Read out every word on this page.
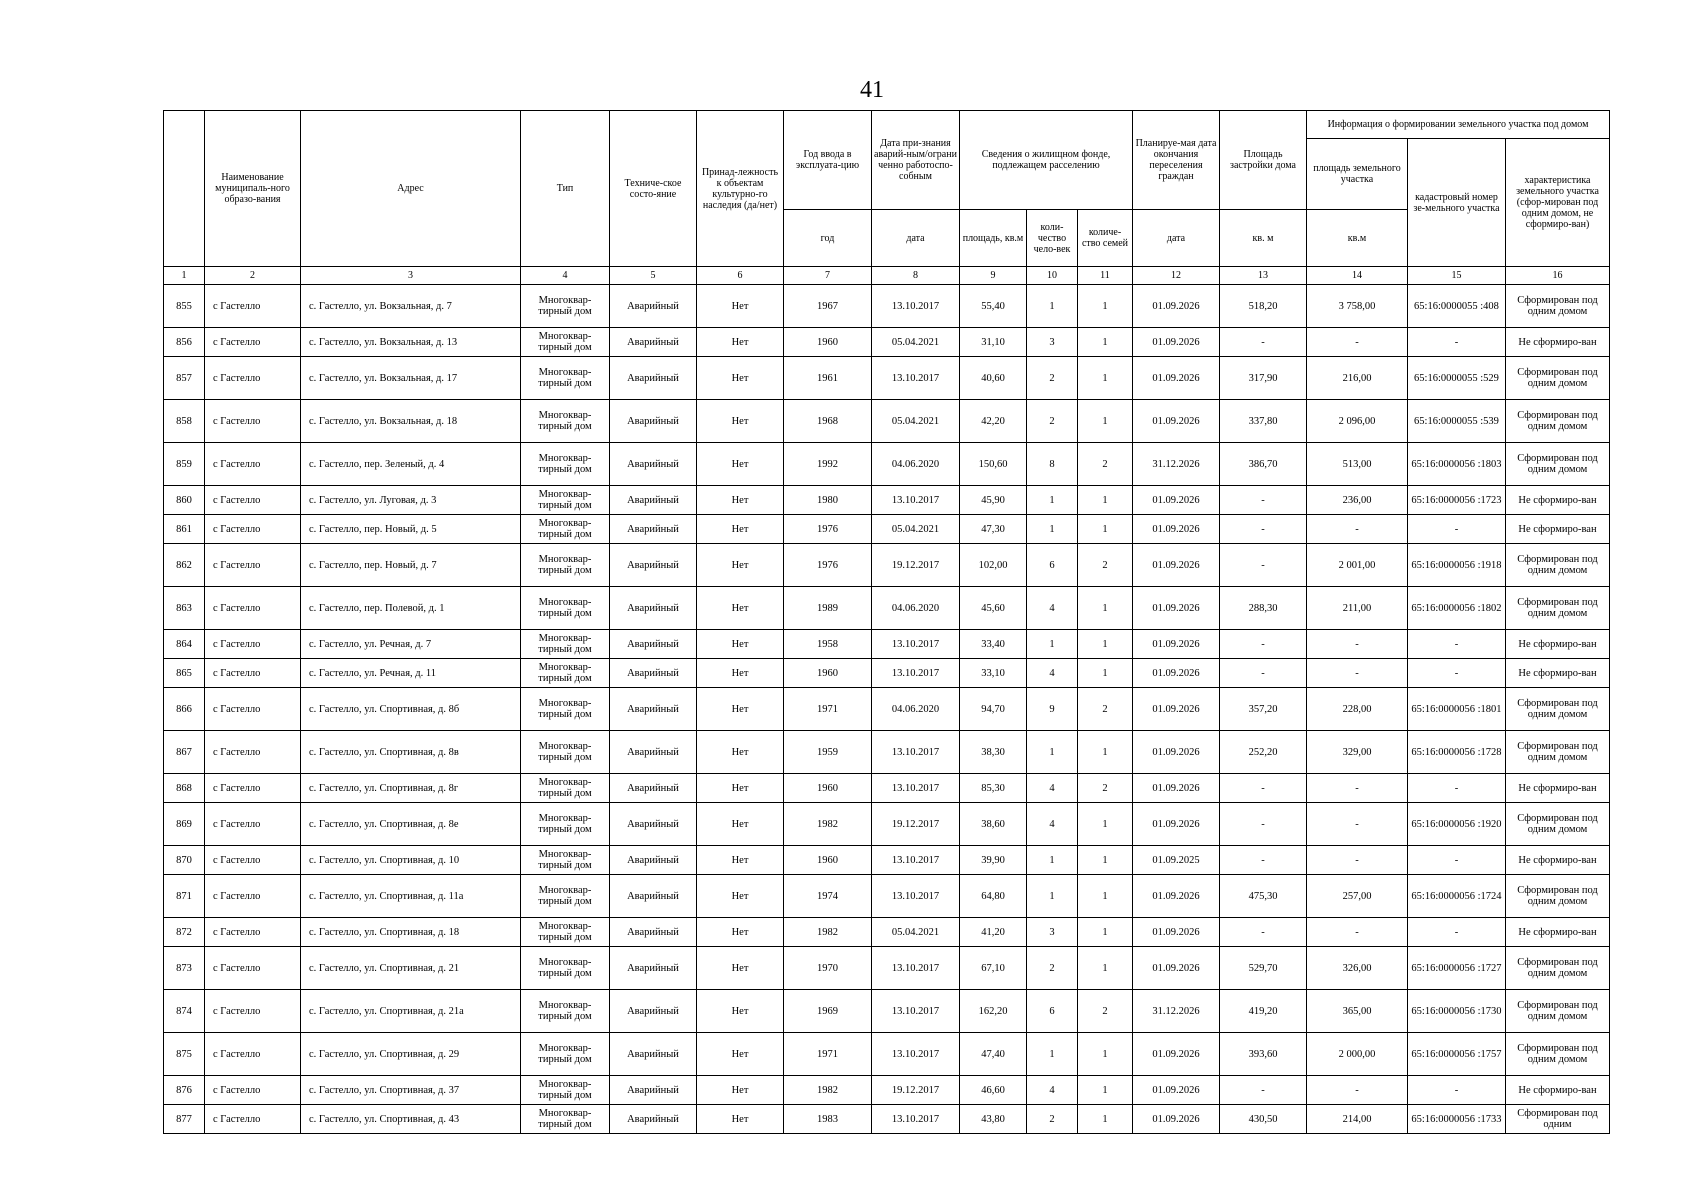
41
	Наименование муниципаль-ного образо-вания	Адрес	Тип	Техниче-ское состо-яние	Принад-лежность к объектам культурно-го наследия (да/нет)	Год ввода в эксплуата-цию	Дата при-знания аварий-ным/ограни ченно работоспо-собным	Сведения о жилищном фонде, подлежащем расселению			Планируе-мая дата окончания переселения граждан	Площадь застройки дома	Информация о формировании земельного участка под домом		
													площадь земельного участка	кадастровый номер зе-мельного участка	характеристика земельного участка (сфор-мирован под одним домом, не сформиро-ван)
						год	дата	площадь, кв.м	коли-чество чело-век	количе-ство семей	дата	кв. м	кв.м		
1	2	3	4	5	6	7	8	9	10	11	12	13	14	15	16
855	с Гастелло	с. Гастелло, ул. Вокзальная, д. 7	Многоквар-тирный дом	Аварийный	Нет	1967	13.10.2017	55,40	1	1	01.09.2026	518,20	3 758,00	65:16:0000055 :408	Сформирован под одним домом
856	с Гастелло	с. Гастелло, ул. Вокзальная, д. 13	Многоквар-тирный дом	Аварийный	Нет	1960	05.04.2021	31,10	3	1	01.09.2026	-	-	-	Не сформиро-ван
857	с Гастелло	с. Гастелло, ул. Вокзальная, д. 17	Многоквар-тирный дом	Аварийный	Нет	1961	13.10.2017	40,60	2	1	01.09.2026	317,90	216,00	65:16:0000055 :529	Сформирован под одним домом
858	с Гастелло	с. Гастелло, ул. Вокзальная, д. 18	Многоквар-тирный дом	Аварийный	Нет	1968	05.04.2021	42,20	2	1	01.09.2026	337,80	2 096,00	65:16:0000055 :539	Сформирован под одним домом
859	с Гастелло	с. Гастелло, пер. Зеленый, д. 4	Многоквар-тирный дом	Аварийный	Нет	1992	04.06.2020	150,60	8	2	31.12.2026	386,70	513,00	65:16:0000056 :1803	Сформирован под одним домом
860	с Гастелло	с. Гастелло, ул. Луговая, д. 3	Многоквар-тирный дом	Аварийный	Нет	1980	13.10.2017	45,90	1	1	01.09.2026	-	236,00	65:16:0000056 :1723	Не сформиро-ван
861	с Гастелло	с. Гастелло, пер. Новый, д. 5	Многоквар-тирный дом	Аварийный	Нет	1976	05.04.2021	47,30	1	1	01.09.2026	-	-	-	Не сформиро-ван
862	с Гастелло	с. Гастелло, пер. Новый, д. 7	Многоквар-тирный дом	Аварийный	Нет	1976	19.12.2017	102,00	6	2	01.09.2026	-	2 001,00	65:16:0000056 :1918	Сформирован под одним домом
863	с Гастелло	с. Гастелло, пер. Полевой, д. 1	Многоквар-тирный дом	Аварийный	Нет	1989	04.06.2020	45,60	4	1	01.09.2026	288,30	211,00	65:16:0000056 :1802	Сформирован под одним домом
864	с Гастелло	с. Гастелло, ул. Речная, д. 7	Многоквар-тирный дом	Аварийный	Нет	1958	13.10.2017	33,40	1	1	01.09.2026	-	-	-	Не сформиро-ван
865	с Гастелло	с. Гастелло, ул. Речная, д. 11	Многоквар-тирный дом	Аварийный	Нет	1960	13.10.2017	33,10	4	1	01.09.2026	-	-	-	Не сформиро-ван
866	с Гастелло	с. Гастелло, ул. Спортивная, д. 8б	Многоквар-тирный дом	Аварийный	Нет	1971	04.06.2020	94,70	9	2	01.09.2026	357,20	228,00	65:16:0000056 :1801	Сформирован под одним домом
867	с Гастелло	с. Гастелло, ул. Спортивная, д. 8в	Многоквар-тирный дом	Аварийный	Нет	1959	13.10.2017	38,30	1	1	01.09.2026	252,20	329,00	65:16:0000056 :1728	Сформирован под одним домом
868	с Гастелло	с. Гастелло, ул. Спортивная, д. 8г	Многоквар-тирный дом	Аварийный	Нет	1960	13.10.2017	85,30	4	2	01.09.2026	-	-	-	Не сформиро-ван
869	с Гастелло	с. Гастелло, ул. Спортивная, д. 8е	Многоквар-тирный дом	Аварийный	Нет	1982	19.12.2017	38,60	4	1	01.09.2026	-	-	65:16:0000056 :1920	Сформирован под одним домом
870	с Гастелло	с. Гастелло, ул. Спортивная, д. 10	Многоквар-тирный дом	Аварийный	Нет	1960	13.10.2017	39,90	1	1	01.09.2025	-	-	-	Не сформиро-ван
871	с Гастелло	с. Гастелло, ул. Спортивная, д. 11а	Многоквар-тирный дом	Аварийный	Нет	1974	13.10.2017	64,80	1	1	01.09.2026	475,30	257,00	65:16:0000056 :1724	Сформирован под одним домом
872	с Гастелло	с. Гастелло, ул. Спортивная, д. 18	Многоквар-тирный дом	Аварийный	Нет	1982	05.04.2021	41,20	3	1	01.09.2026	-	-	-	Не сформиро-ван
873	с Гастелло	с. Гастелло, ул. Спортивная, д. 21	Многоквар-тирный дом	Аварийный	Нет	1970	13.10.2017	67,10	2	1	01.09.2026	529,70	326,00	65:16:0000056 :1727	Сформирован под одним домом
874	с Гастелло	с. Гастелло, ул. Спортивная, д. 21а	Многоквар-тирный дом	Аварийный	Нет	1969	13.10.2017	162,20	6	2	31.12.2026	419,20	365,00	65:16:0000056 :1730	Сформирован под одним домом
875	с Гастелло	с. Гастелло, ул. Спортивная, д. 29	Многоквар-тирный дом	Аварийный	Нет	1971	13.10.2017	47,40	1	1	01.09.2026	393,60	2 000,00	65:16:0000056 :1757	Сформирован под одним домом
876	с Гастелло	с. Гастелло, ул. Спортивная, д. 37	Многоквар-тирный дом	Аварийный	Нет	1982	19.12.2017	46,60	4	1	01.09.2026	-	-	-	Не сформиро-ван
877	с Гастелло	с. Гастелло, ул. Спортивная, д. 43	Многоквар-тирный дом	Аварийный	Нет	1983	13.10.2017	43,80	2	1	01.09.2026	430,50	214,00	65:16:0000056 :1733	Сформирован под одним
